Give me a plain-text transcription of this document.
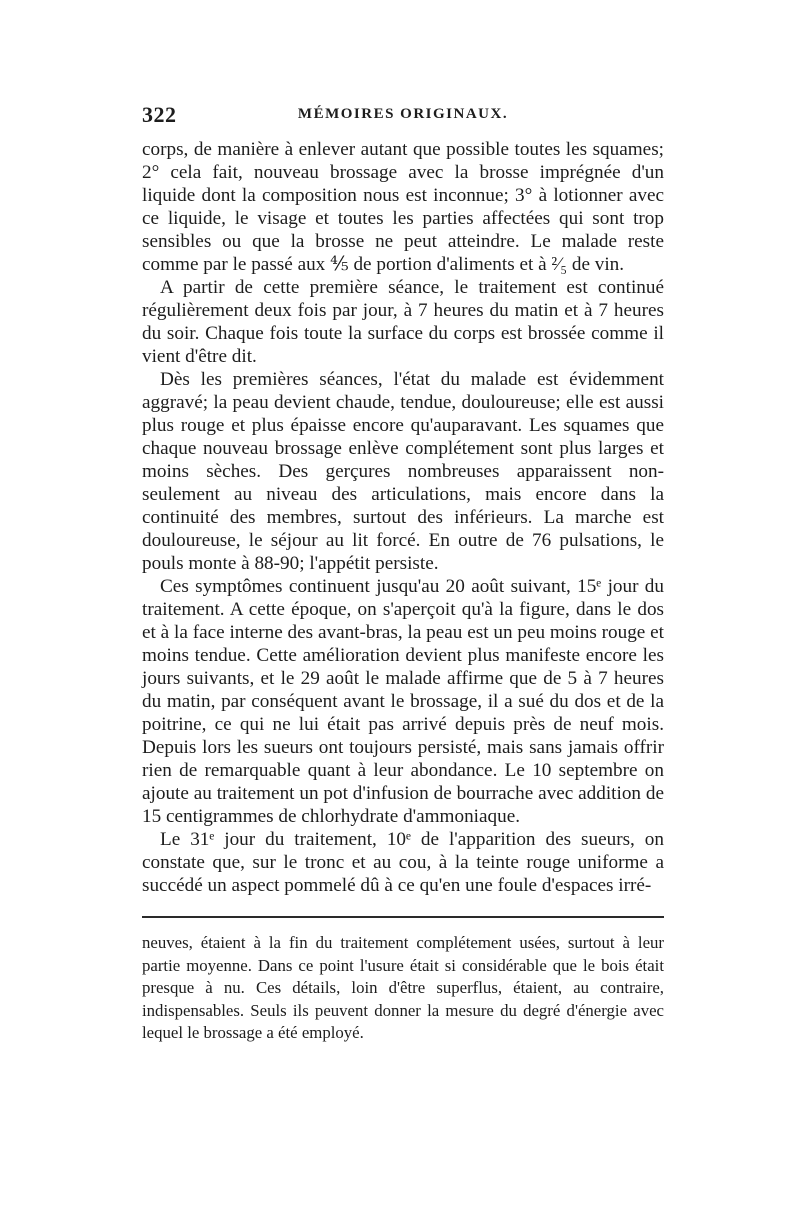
322	MÉMOIRES ORIGINAUX.

corps, de manière à enlever autant que possible toutes les squames; 2° cela fait, nouveau brossage avec la brosse imprégnée d'un liquide dont la composition nous est inconnue; 3° à lotionner avec ce liquide, le visage et toutes les parties affectées qui sont trop sensibles ou que la brosse ne peut atteindre. Le malade reste comme par le passé aux ⅘ de portion d'aliments et à ²⁄₅ de vin.

A partir de cette première séance, le traitement est continué régulièrement deux fois par jour, à 7 heures du matin et à 7 heures du soir. Chaque fois toute la surface du corps est brossée comme il vient d'être dit.

Dès les premières séances, l'état du malade est évidemment aggravé; la peau devient chaude, tendue, douloureuse; elle est aussi plus rouge et plus épaisse encore qu'auparavant. Les squames que chaque nouveau brossage enlève complétement sont plus larges et moins sèches. Des gerçures nombreuses apparaissent non-seulement au niveau des articulations, mais encore dans la continuité des membres, surtout des inférieurs. La marche est douloureuse, le séjour au lit forcé. En outre de 76 pulsations, le pouls monte à 88-90; l'appétit persiste.

Ces symptômes continuent jusqu'au 20 août suivant, 15ᵉ jour du traitement. A cette époque, on s'aperçoit qu'à la figure, dans le dos et à la face interne des avant-bras, la peau est un peu moins rouge et moins tendue. Cette amélioration devient plus manifeste encore les jours suivants, et le 29 août le malade affirme que de 5 à 7 heures du matin, par conséquent avant le brossage, il a sué du dos et de la poitrine, ce qui ne lui était pas arrivé depuis près de neuf mois. Depuis lors les sueurs ont toujours persisté, mais sans jamais offrir rien de remarquable quant à leur abondance. Le 10 septembre on ajoute au traitement un pot d'infusion de bourrache avec addition de 15 centigrammes de chlorhydrate d'ammoniaque.

Le 31ᵉ jour du traitement, 10ᵉ de l'apparition des sueurs, on constate que, sur le tronc et au cou, à la teinte rouge uniforme a succédé un aspect pommelé dû à ce qu'en une foule d'espaces irré-

neuves, étaient à la fin du traitement complétement usées, surtout à leur partie moyenne. Dans ce point l'usure était si considérable que le bois était presque à nu. Ces détails, loin d'être superflus, étaient, au contraire, indispensables. Seuls ils peuvent donner la mesure du degré d'énergie avec lequel le brossage a été employé.
